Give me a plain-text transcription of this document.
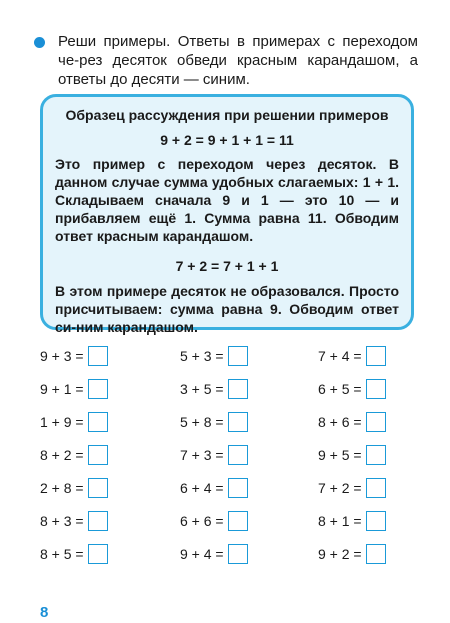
Реши примеры. Ответы в примерах с переходом че-рез десяток обведи красным карандашом, а ответы до десяти — синим.

Образец рассуждения при решении примеров
9 + 2 = 9 + 1 + 1 = 11

Это пример с переходом через десяток. В данном случае сумма удобных слагаемых: 1 + 1. Складываем сначала 9 и 1 — это 10 — и прибавляем ещё 1. Сумма равна 11. Обводим ответ красным карандашом.

7 + 2 = 7 + 1 + 1

В этом примере десяток не образовался. Просто присчитываем: сумма равна 9. Обводим ответ си-ним карандашом.

9 + 3 =	5 + 3 =	7 + 4 =
9 + 1 =	3 + 5 =	6 + 5 =
1 + 9 =	5 + 8 =	8 + 6 =
8 + 2 =	7 + 3 =	9 + 5 =
2 + 8 =	6 + 4 =	7 + 2 =
8 + 3 =	6 + 6 =	8 + 1 =
8 + 5 =	9 + 4 =	9 + 2 =
8
